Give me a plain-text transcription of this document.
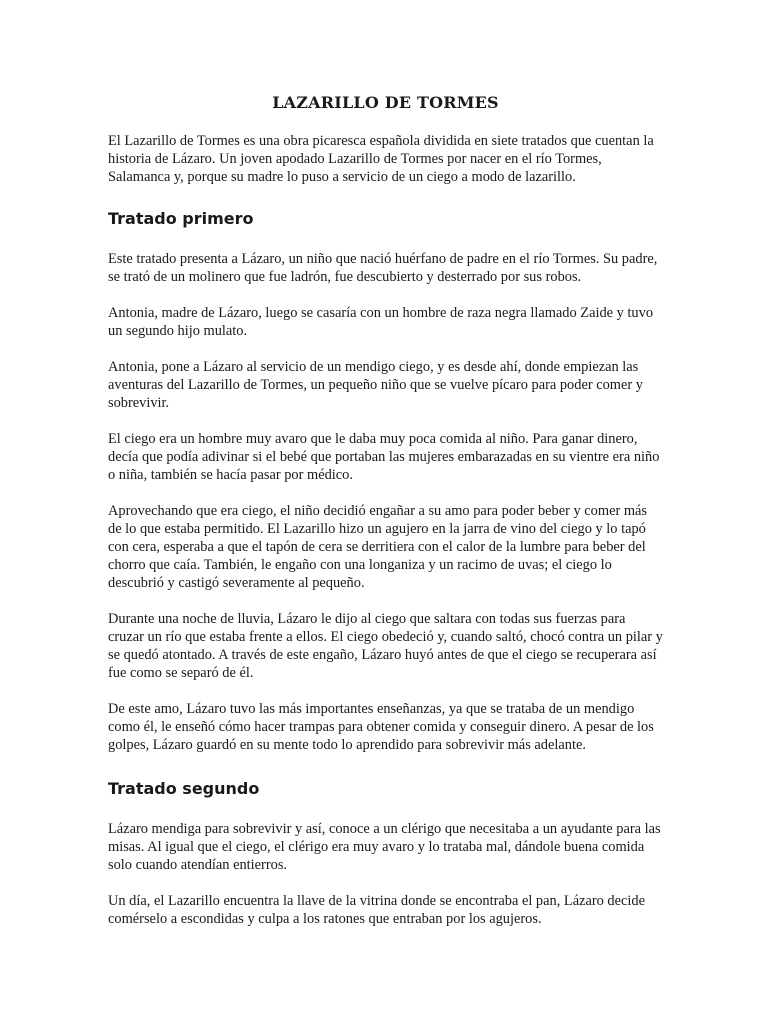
LAZARILLO DE TORMES

El Lazarillo de Tormes es una obra picaresca española dividida en siete tratados que cuentan la historia de Lázaro. Un joven apodado Lazarillo de Tormes por nacer en el río Tormes, Salamanca y, porque su madre lo puso a servicio de un ciego a modo de lazarillo.

Tratado primero

Este tratado presenta a Lázaro, un niño que nació huérfano de padre en el río Tormes. Su padre, se trató de un molinero que fue ladrón, fue descubierto y desterrado por sus robos.

Antonia, madre de Lázaro, luego se casaría con un hombre de raza negra llamado Zaide y tuvo un segundo hijo mulato.

Antonia, pone a Lázaro al servicio de un mendigo ciego, y es desde ahí, donde empiezan las aventuras del Lazarillo de Tormes, un pequeño niño que se vuelve pícaro para poder comer y sobrevivir.

El ciego era un hombre muy avaro que le daba muy poca comida al niño. Para ganar dinero, decía que podía adivinar si el bebé que portaban las mujeres embarazadas en su vientre era niño o niña, también se hacía pasar por médico.

Aprovechando que era ciego, el niño decidió engañar a su amo para poder beber y comer más de lo que estaba permitido. El Lazarillo hizo un agujero en la jarra de vino del ciego y lo tapó con cera, esperaba a que el tapón de cera se derritiera con el calor de la lumbre para beber del chorro que caía. También, le engaño con una longaniza y un racimo de uvas; el ciego lo descubrió y castigó severamente al pequeño.

Durante una noche de lluvia, Lázaro le dijo al ciego que saltara con todas sus fuerzas para cruzar un río que estaba frente a ellos. El ciego obedeció y, cuando saltó, chocó contra un pilar y se quedó atontado. A través de este engaño, Lázaro huyó antes de que el ciego se recuperara así fue como se separó de él.

De este amo, Lázaro tuvo las más importantes enseñanzas, ya que se trataba de un mendigo como él, le enseñó cómo hacer trampas para obtener comida y conseguir dinero. A pesar de los golpes, Lázaro guardó en su mente todo lo aprendido para sobrevivir más adelante.

Tratado segundo

Lázaro mendiga para sobrevivir y así, conoce a un clérigo que necesitaba a un ayudante para las misas. Al igual que el ciego, el clérigo era muy avaro y lo trataba mal, dándole buena comida solo cuando atendían entierros.

Un día, el Lazarillo encuentra la llave de la vitrina donde se encontraba el pan, Lázaro decide comérselo a escondidas y culpa a los ratones que entraban por los agujeros.
